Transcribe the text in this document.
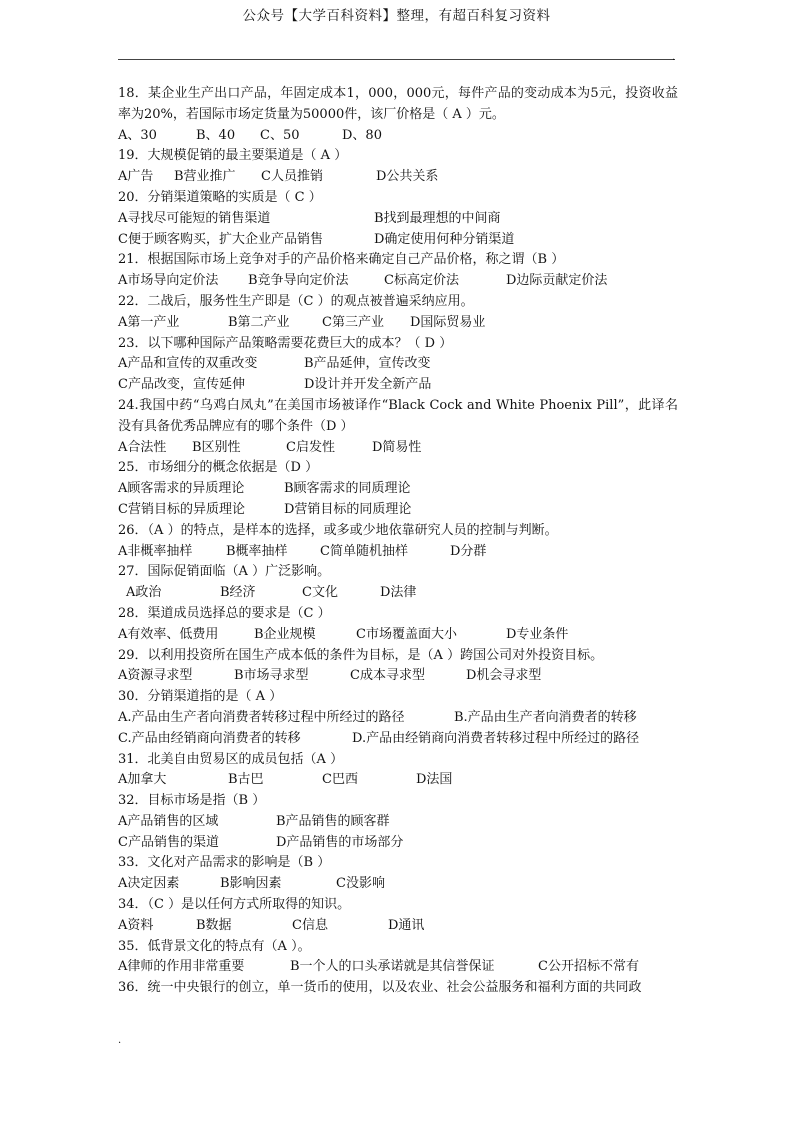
公众号【大学百科资料】整理，有超百科复习资料
.
18．某企业生产出口产品，年固定成本1，000，000元，每件产品的变动成本为5元，投资收益率为20%，若国际市场定货量为50000件，该厂价格是（ A ）元。
A、30	B、40	C、50	D、80
19．大规模促销的最主要渠道是（ A ）
A广告	B营业推广	C人员推销	D公共关系
20．分销渠道策略的实质是（ C ）
A寻找尽可能短的销售渠道	B找到最理想的中间商
C便于顾客购买，扩大企业产品销售	D确定使用何种分销渠道
21．根据国际市场上竞争对手的产品价格来确定自己产品价格，称之谓（B ）
A市场导向定价法	B竞争导向定价法	C标高定价法	D边际贡献定价法
22．二战后，服务性生产即是（C ）的观点被普遍采纳应用。
A第一产业	B第二产业	C第三产业	D国际贸易业
23．以下哪种国际产品策略需要花费巨大的成本？（ D ）
A产品和宣传的双重改变	B产品延伸，宣传改变
C产品改变，宣传延伸	D设计并开发全新产品
24.我国中药“乌鸡白凤丸”在美国市场被译作“Black Cock and White Phoenix Pill”，此译名没有具备优秀品牌应有的哪个条件（D ）
A合法性	B区别性	C启发性	D简易性
25．市场细分的概念依据是（D ）
A顾客需求的异质理论	B顾客需求的同质理论
C营销目标的异质理论	D营销目标的同质理论
26．（A ）的特点，是样本的选择，或多或少地依靠研究人员的控制与判断。
A非概率抽样	B概率抽样	C简单随机抽样	D分群
27．国际促销面临（A ）广泛影响。
A政治	B经济	C文化	D法律
28．渠道成员选择总的要求是（C ）
A有效率、低费用	B企业规模	C市场覆盖面大小	D专业条件
29．以利用投资所在国生产成本低的条件为目标，是（A ）跨国公司对外投资目标。
A资源寻求型	B市场寻求型	C成本寻求型	D机会寻求型
30．分销渠道指的是（ A ）
A.产品由生产者向消费者转移过程中所经过的路径	B.产品由生产者向消费者的转移
C.产品由经销商向消费者的转移	D.产品由经销商向消费者转移过程中所经过的路径
31．北美自由贸易区的成员包括（A ）
A加拿大	B古巴	C巴西	D法国
32．目标市场是指（B ）
A产品销售的区域	B产品销售的顾客群
C产品销售的渠道	D产品销售的市场部分
33．文化对产品需求的影响是（B ）
A决定因素	B影响因素	C没影响
34．（C ）是以任何方式所取得的知识。
A资料	B数据	C信息	D通讯
35．低背景文化的特点有（A ）。
A律师的作用非常重要	B一个人的口头承诺就是其信誉保证	C公开招标不常有
36．统一中央银行的创立，单一货币的使用，以及农业、社会公益服务和福利方面的共同政
.
